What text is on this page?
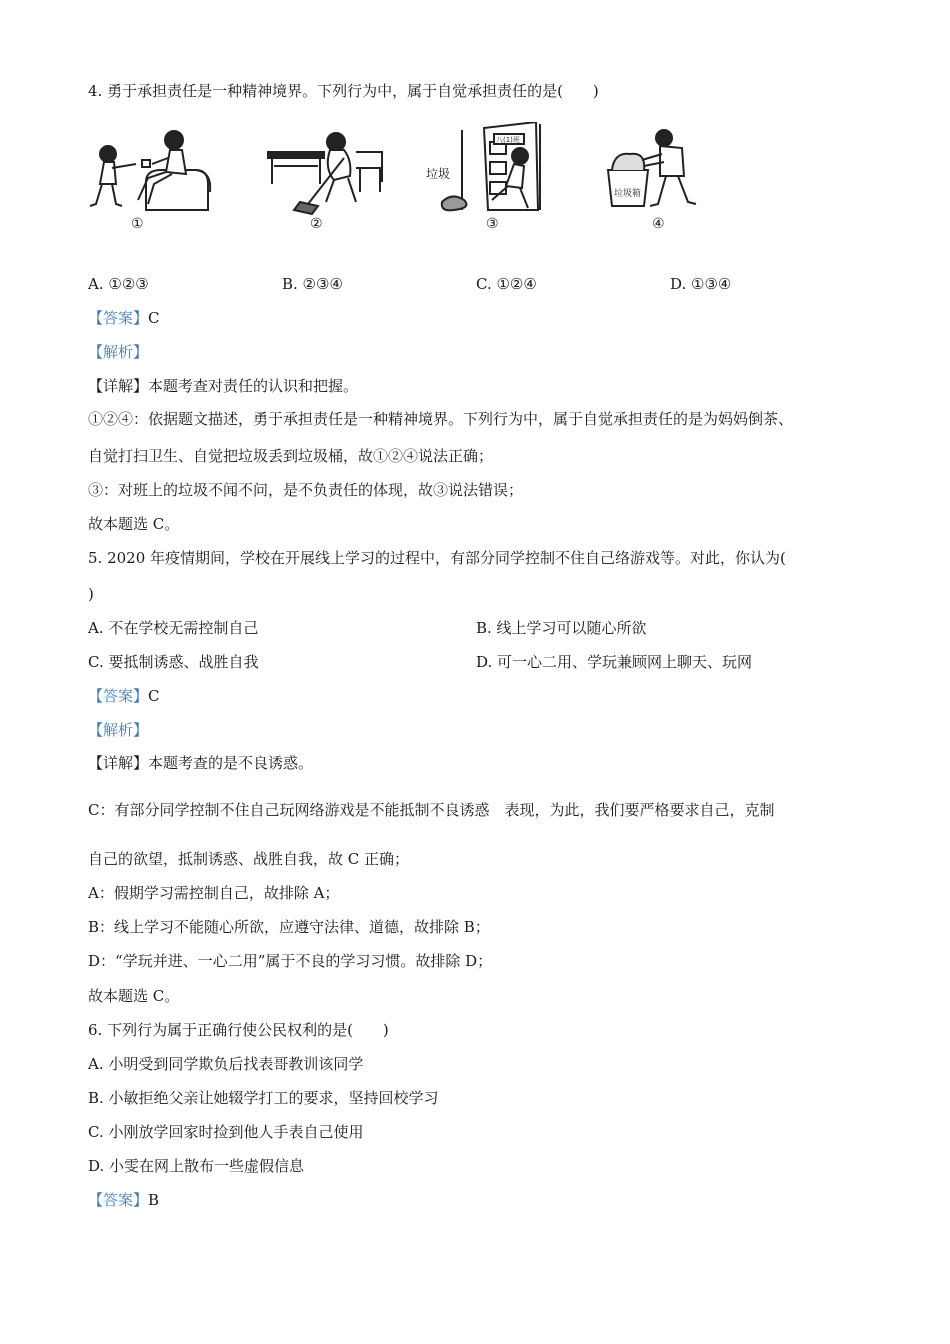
4. 勇于承担责任是一种精神境界。下列行为中，属于自觉承担责任的是(　　)
①	②
垃圾
八(1)班
③
垃圾箱
④
A. ①②③	B. ②③④	C. ①②④	D. ①③④
【答案】C
【解析】
【详解】本题考查对责任的认识和把握。
①②④：依据题文描述，勇于承担责任是一种精神境界。下列行为中，属于自觉承担责任的是为妈妈倒茶、
自觉打扫卫生、自觉把垃圾丢到垃圾桶，故①②④说法正确；
③：对班上的垃圾不闻不问，是不负责任的体现，故③说法错误；
故本题选 C。
5. 2020 年疫情期间，学校在开展线上学习的过程中，有部分同学控制不住自己络游戏等。对此，你认为(
)
A. 不在学校无需控制自己	B. 线上学习可以随心所欲
C. 要抵制诱惑、战胜自我	D. 可一心二用、学玩兼顾网上聊天、玩网
【答案】C
【解析】
【详解】本题考查的是不良诱惑。
C：有部分同学控制不住自己玩网络游戏是不能抵制不良诱惑　表现，为此，我们要严格要求自己，克制
自己的欲望，抵制诱惑、战胜自我，故 C 正确；
A：假期学习需控制自己，故排除 A；
B：线上学习不能随心所欲，应遵守法律、道德，故排除 B；
D：“学玩并进、一心二用”属于不良的学习习惯。故排除 D；
故本题选 C。
6. 下列行为属于正确行使公民权利的是(　　)
A. 小明受到同学欺负后找表哥教训该同学
B. 小敏拒绝父亲让她辍学打工的要求，坚持回校学习
C. 小刚放学回家时捡到他人手表自己使用
D. 小雯在网上散布一些虚假信息
【答案】B
